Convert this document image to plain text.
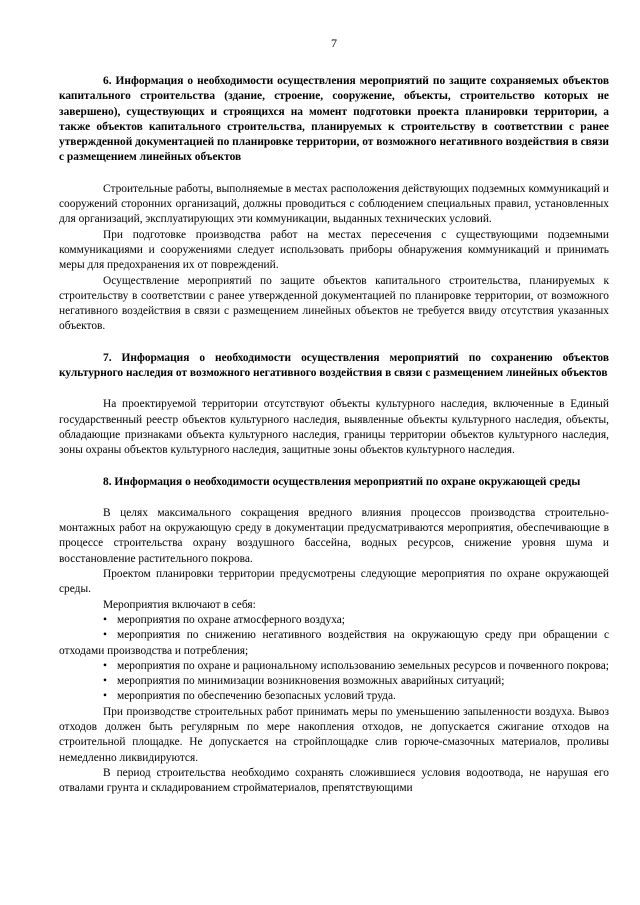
7

6. Информация о необходимости осуществления мероприятий по защите сохраняемых объектов капитального строительства (здание, строение, сооружение, объекты, строительство которых не завершено), существующих и строящихся на момент подготовки проекта планировки территории, а также объектов капитального строительства, планируемых к строительству в соответствии с ранее утвержденной документацией по планировке территории, от возможного негативного воздействия в связи с размещением линейных объектов

Строительные работы, выполняемые в местах расположения действующих подземных коммуникаций и сооружений сторонних организаций, должны проводиться с соблюдением специальных правил, установленных для организаций, эксплуатирующих эти коммуникации, выданных технических условий.

При подготовке производства работ на местах пересечения с существующими подземными коммуникациями и сооружениями следует использовать приборы обнаружения коммуникаций и принимать меры для предохранения их от повреждений.

Осуществление мероприятий по защите объектов капитального строительства, планируемых к строительству в соответствии с ранее утвержденной документацией по планировке территории, от возможного негативного воздействия в связи с размещением линейных объектов не требуется ввиду отсутствия указанных объектов.

7. Информация о необходимости осуществления мероприятий по сохранению объектов культурного наследия от возможного негативного воздействия в связи с размещением линейных объектов

На проектируемой территории отсутствуют объекты культурного наследия, включенные в Единый государственный реестр объектов культурного наследия, выявленные объекты культурного наследия, объекты, обладающие признаками объекта культурного наследия, границы территории объектов культурного наследия, зоны охраны объектов культурного наследия, защитные зоны объектов культурного наследия.

8. Информация о необходимости осуществления мероприятий по охране окружающей среды

В целях максимального сокращения вредного влияния процессов производства строительно-монтажных работ на окружающую среду в документации предусматриваются мероприятия, обеспечивающие в процессе строительства охрану воздушного бассейна, водных ресурсов, снижение уровня шума и восстановление растительного покрова.

Проектом планировки территории предусмотрены следующие мероприятия по охране окружающей среды.

Мероприятия включают в себя:

• мероприятия по охране атмосферного воздуха;
• мероприятия по снижению негативного воздействия на окружающую среду при обращении с отходами производства и потребления;
• мероприятия по охране и рациональному использованию земельных ресурсов и почвенного покрова;
• мероприятия по минимизации возникновения возможных аварийных ситуаций;
• мероприятия по обеспечению безопасных условий труда.

При производстве строительных работ принимать меры по уменьшению запыленности воздуха. Вывоз отходов должен быть регулярным по мере накопления отходов, не допускается сжигание отходов на строительной площадке. Не допускается на стройплощадке слив горюче-смазочных материалов, проливы немедленно ликвидируются.

В период строительства необходимо сохранять сложившиеся условия водоотвода, не нарушая его отвалами грунта и складированием стройматериалов, препятствующими
